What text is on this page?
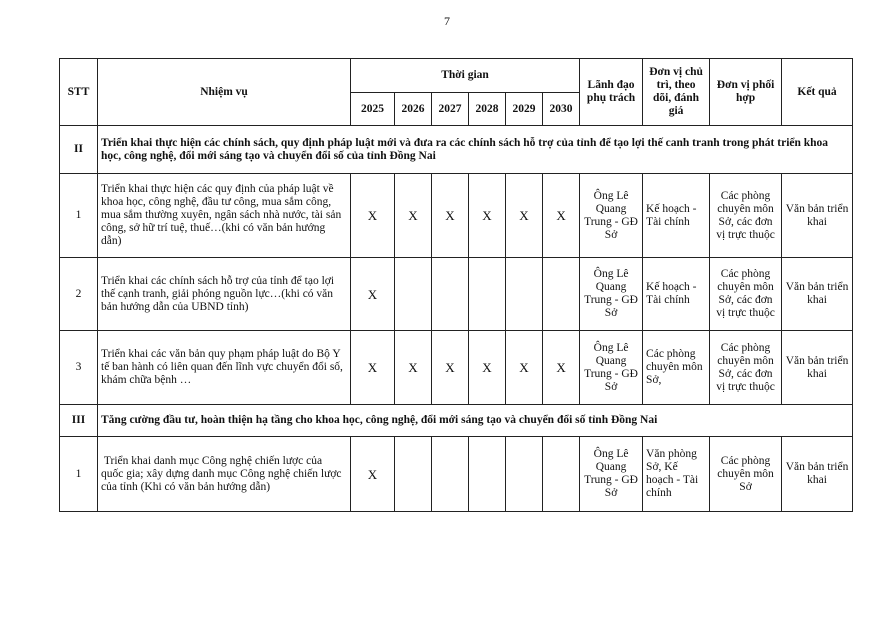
7
STT	Nhiệm vụ	Thời gian						Lãnh đạo phụ trách	Đơn vị chủ trì, theo dõi, đánh giá	Đơn vị phối hợp	Kết quả
		2025	2026	2027	2028	2029	2030				
II	Triển khai thực hiện các chính sách, quy định pháp luật mới và đưa ra các chính sách hỗ trợ của tỉnh để tạo lợi thế canh tranh trong phát triển khoa học, công nghệ, đổi mới sáng tạo và chuyển đổi số của tỉnh Đồng Nai										
1	Triển khai thực hiện các quy định của pháp luật về khoa học, công nghệ, đầu tư công, mua sắm công, mua sắm thường xuyên, ngân sách nhà nước, tài sản công, sở hữ trí tuệ, thuế…(khi có văn bản hướng dẫn)	X	X	X	X	X	X	Ông Lê Quang Trung - GĐ Sở	Kế hoạch - Tài chính	Các phòng chuyên môn Sở, các đơn vị trực thuộc	Văn bản triển khai
2	Triển khai các chính sách hỗ trợ của tỉnh để tạo lợi thế cạnh tranh, giải phóng nguồn lực…(khi có văn bản hướng dẫn của UBND tỉnh)	X						Ông Lê Quang Trung - GĐ Sở	Kế hoạch - Tài chính	Các phòng chuyên môn Sở, các đơn vị trực thuộc	Văn bản triển khai
3	Triển khai các văn bản quy phạm pháp luật do Bộ Y tế ban hành có liên quan đến lĩnh vực chuyển đổi số, khám chữa bệnh …	X	X	X	X	X	X	Ông Lê Quang Trung - GĐ Sở	Các phòng chuyên môn Sở,	Các phòng chuyên môn Sở, các đơn vị trực thuộc	Văn bản triển khai
III	Tăng cường đầu tư, hoàn thiện hạ tầng cho khoa học, công nghệ, đổi mới sáng tạo và chuyển đổi số tỉnh Đồng Nai										
1	Triển khai danh mục Công nghệ chiến lược của quốc gia; xây dựng danh mục Công nghệ chiến lược của tỉnh (Khi có văn bản hướng dẫn)	X						Ông Lê Quang Trung - GĐ Sở	Văn phòng Sở, Kế hoạch - Tài chính	Các phòng chuyên môn Sở	Văn bản triển khai
